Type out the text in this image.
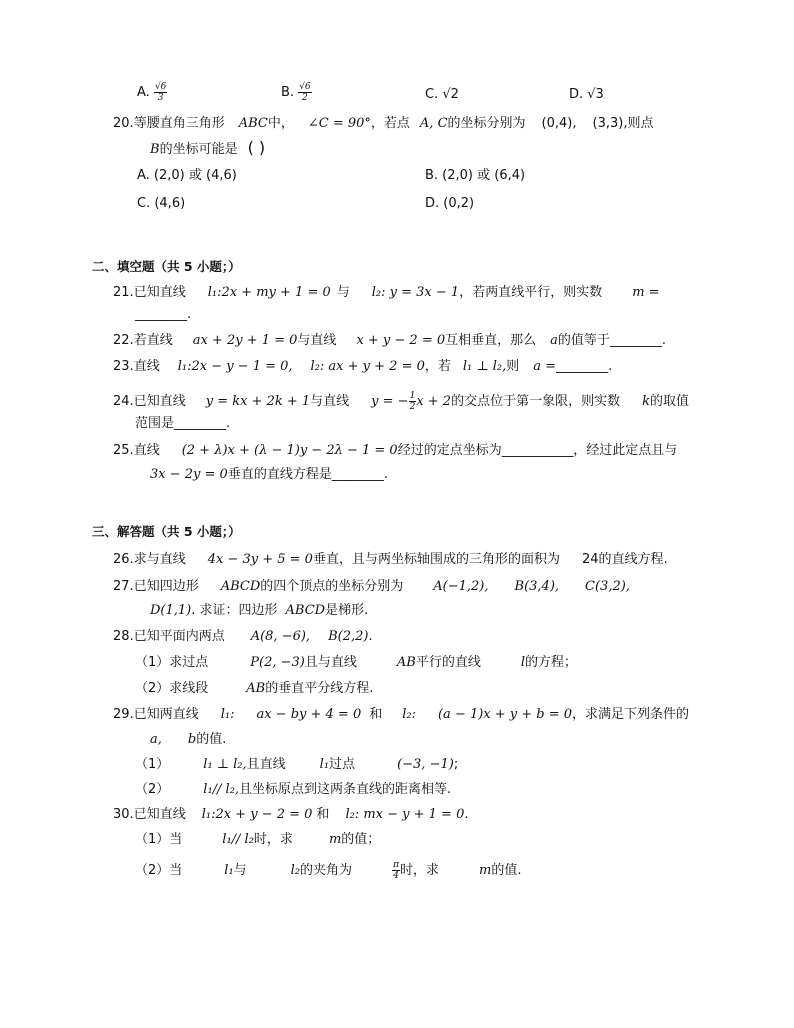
A. $\frac{√6}{3}$	B. $\frac{√6}{2}$	C. √2	D. √3
20.等腰直角三角形 ABC中， ∠C = 90°，若点 A, C的坐标分别为 (0,4), (3,3),则点
B的坐标可能是 ( )
A. (2,0) 或 (4,6)	B. (2,0) 或 (6,4)
C. (4,6)	D. (0,2)
二、填空题（共 5 小题；）
21.已知直线 l₁:2x + my + 1 = 0 与 l₂: y = 3x − 1，若两直线平行，则实数 m =
________.
22.若直线 ax + 2y + 1 = 0与直线 x + y − 2 = 0互相垂直，那么 a的值等于________.
23.直线 l₁:2x − y − 1 = 0, l₂: ax + y + 2 = 0，若 l₁ ⊥ l₂,则 a =________.
24.已知直线 y = kx + 2k + 1与直线 y = − $\frac{1}{2}$ x + 2的交点位于第一象限，则实数 k的取值
范围是________.
25.直线 (2 + λ)x + (λ − 1)y − 2λ − 1 = 0经过的定点坐标为___________，经过此定点且与
3x − 2y = 0垂直的直线方程是________.
三、解答题（共 5 小题；）
26.求与直线 4x − 3y + 5 = 0垂直，且与两坐标轴围成的三角形的面积为 24的直线方程.
27.已知四边形 ABCD的四个顶点的坐标分别为 A(−1,2), B(3,4), C(3,2),
D(1,1). 求证：四边形 ABCD是梯形.
28.已知平面内两点 A(8, −6), B(2,2).
（1）求过点	P(2, −3)且与直线	AB平行的直线	l的方程；
（2）求线段	AB的垂直平分线方程.
29.已知两直线 l₁: ax − by + 4 = 0 和 l₂: (a − 1)x + y + b = 0，求满足下列条件的
a, b的值.
（1）	l₁ ⊥ l₂,且直线	l₁过点	(−3, −1);
（2）	l₁// l₂,且坐标原点到这两条直线的距离相等.
30.已知直线 l₁:2x + y − 2 = 0 和 l₂: mx − y + 1 = 0.
（1）当	l₁// l₂时，求	m的值；
（2）当	l₁与	l₂的夹角为	$\frac{\pi}{4}$ 时，求	m的值.
